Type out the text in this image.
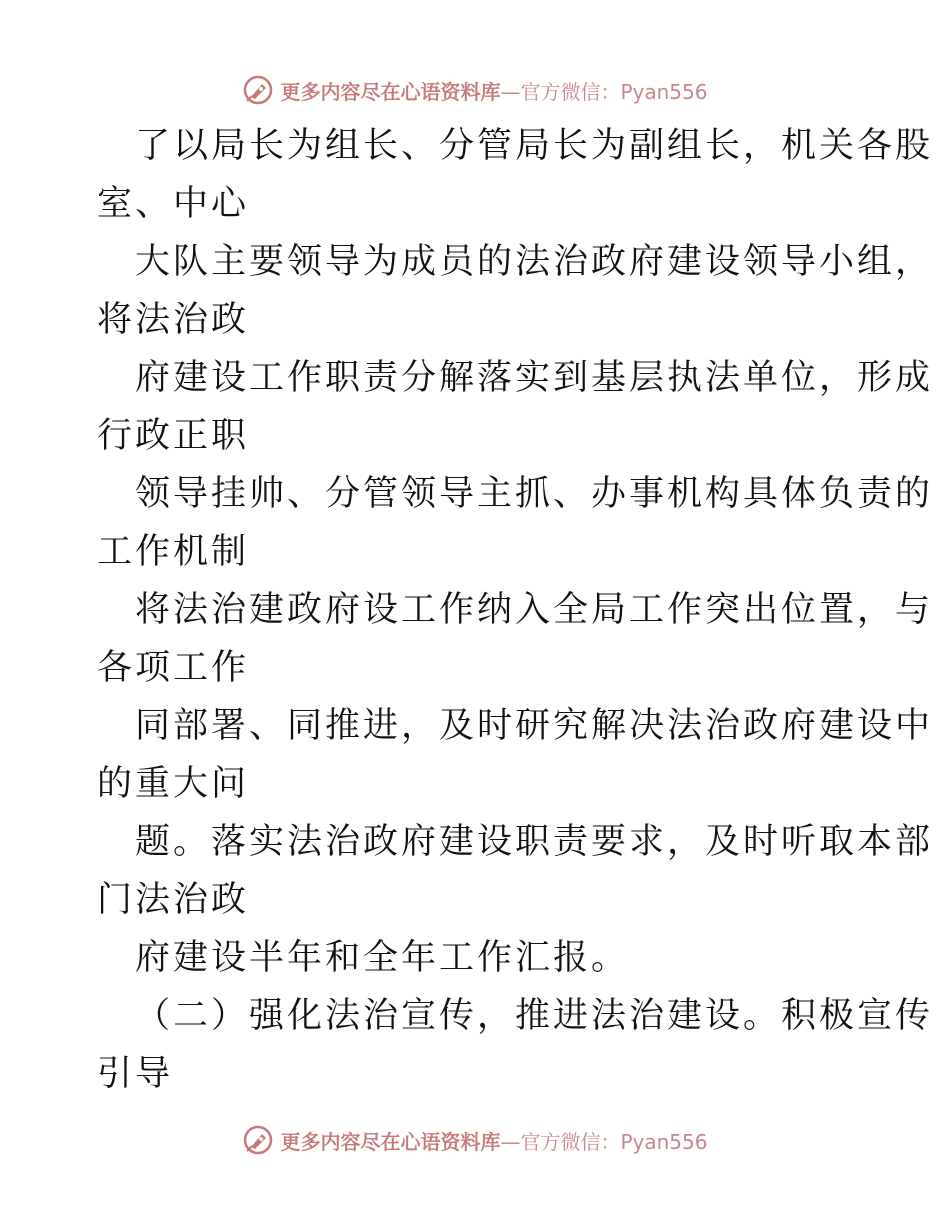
更多内容尽在心语资料库—官方微信：Pyan556
了以局长为组长、分管局长为副组长，机关各股
室、中心
大队主要领导为成员的法治政府建设领导小组，
将法治政
府建设工作职责分解落实到基层执法单位，形成
行政正职
领导挂帅、分管领导主抓、办事机构具体负责的
工作机制
将法治建政府设工作纳入全局工作突出位置，与
各项工作
同部署、同推进，及时研究解决法治政府建设中
的重大问
题。落实法治政府建设职责要求，及时听取本部
门法治政
府建设半年和全年工作汇报。
（二）强化法治宣传，推进法治建设。积极宣传
引导
更多内容尽在心语资料库—官方微信：Pyan556
